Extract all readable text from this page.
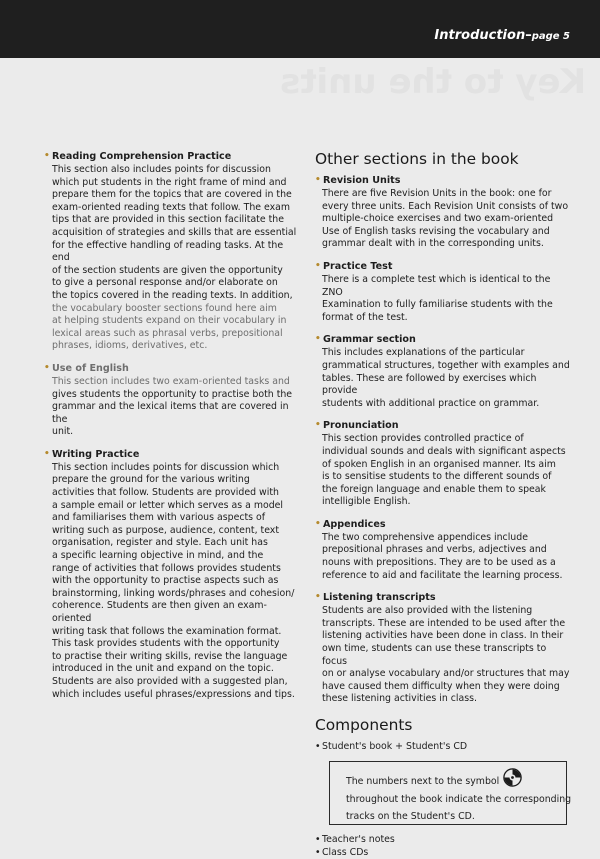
Introduction–page 5
Key to the units
• Reading Comprehension Practice
This section also includes points for discussion
which put students in the right frame of mind and
prepare them for the topics that are covered in the
exam-oriented reading texts that follow. The exam
tips that are provided in this section facilitate the
acquisition of strategies and skills that are essential
for the effective handling of reading tasks. At the end
of the section students are given the opportunity
to give a personal response and/or elaborate on
the topics covered in the reading texts. In addition,
the vocabulary booster sections found here aim
at helping students expand on their vocabulary in
lexical areas such as phrasal verbs, prepositional
phrases, idioms, derivatives, etc.
• Use of English
This section includes two exam-oriented tasks and
gives students the opportunity to practise both the
grammar and the lexical items that are covered in the
unit.
• Writing Practice
This section includes points for discussion which
prepare the ground for the various writing
activities that follow. Students are provided with
a sample email or letter which serves as a model
and familiarises them with various aspects of
writing such as purpose, audience, content, text
organisation, register and style. Each unit has
a specific learning objective in mind, and the
range of activities that follows provides students
with the opportunity to practise aspects such as
brainstorming, linking words/phrases and cohesion/
coherence. Students are then given an exam-oriented
writing task that follows the examination format.
This task provides students with the opportunity
to practise their writing skills, revise the language
introduced in the unit and expand on the topic.
Students are also provided with a suggested plan,
which includes useful phrases/expressions and tips.
Other sections in the book
• Revision Units
There are five Revision Units in the book: one for
every three units. Each Revision Unit consists of two
multiple-choice exercises and two exam-oriented
Use of English tasks revising the vocabulary and
grammar dealt with in the corresponding units.
• Practice Test
There is a complete test which is identical to the ZNO
Examination to fully familiarise students with the
format of the test.
• Grammar section
This includes explanations of the particular
grammatical structures, together with examples and
tables. These are followed by exercises which provide
students with additional practice on grammar.
• Pronunciation
This section provides controlled practice of
individual sounds and deals with significant aspects
of spoken English in an organised manner. Its aim
is to sensitise students to the different sounds of
the foreign language and enable them to speak
intelligible English.
• Appendices
The two comprehensive appendices include
prepositional phrases and verbs, adjectives and
nouns with prepositions. They are to be used as a
reference to aid and facilitate the learning process.
• Listening transcripts
Students are also provided with the listening
transcripts. These are intended to be used after the
listening activities have been done in class. In their
own time, students can use these transcripts to focus
on or analyse vocabulary and/or structures that may
have caused them difficulty when they were doing
these listening activities in class.
Components
• Student's book + Student's CD
The numbers next to the symbol
throughout the book indicate the corresponding
tracks on the Student's CD.
• Teacher's notes
• Class CDs
